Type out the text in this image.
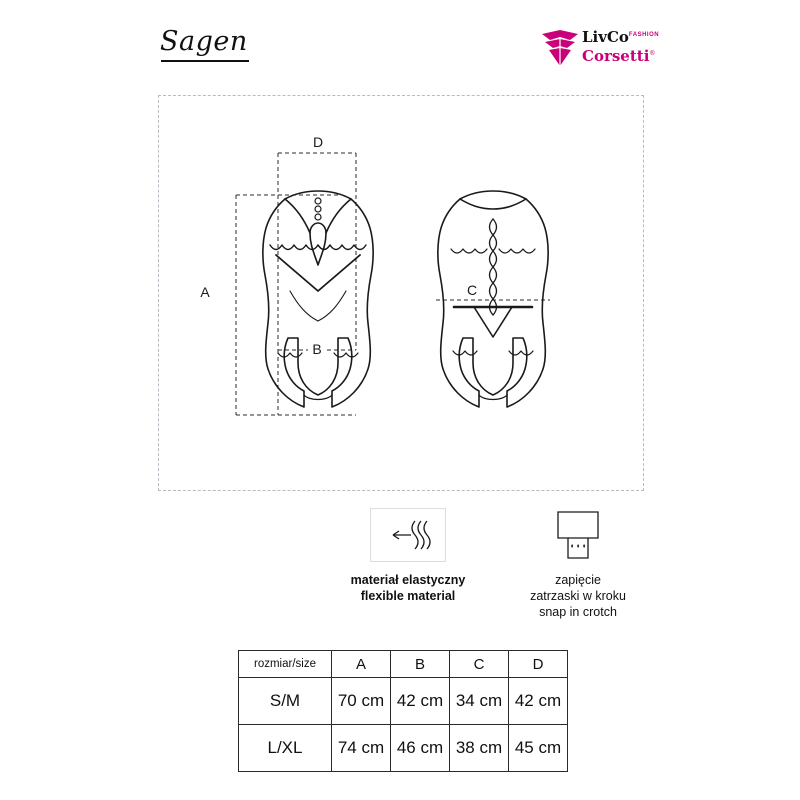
Sagen	LivCo$^{FASHION}$
Corsetti®
A
B
C
D
materiał elastyczny
flexible material
zapięcie
zatrzaski w kroku
snap in crotch
rozmiar/size	A	B	C	D
S/M	70 cm	42 cm	34 cm	42 cm
L/XL	74 cm	46 cm	38 cm	45 cm
